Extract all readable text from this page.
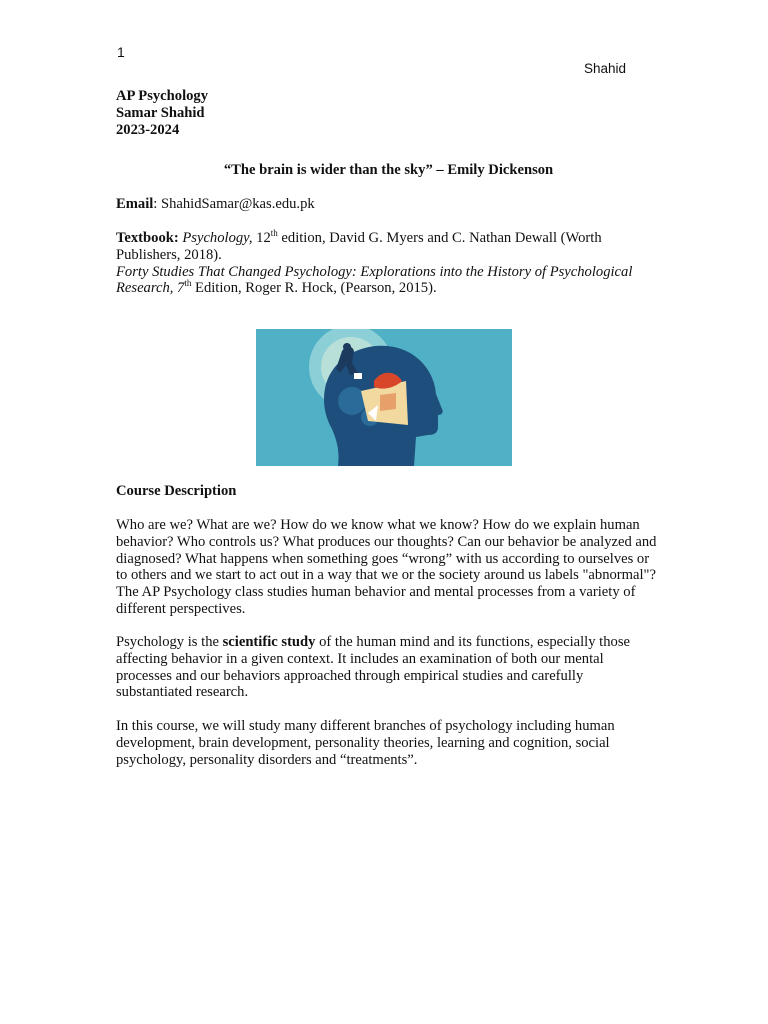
1
Shahid

AP Psychology

Samar Shahid

2023-2024

“The brain is wider than the sky” – Emily Dickenson
Email: ShahidSamar@kas.edu.pk

Textbook: Psychology, 12th edition, David G. Myers and C. Nathan Dewall (Worth Publishers, 2018).

Forty Studies That Changed Psychology: Explorations into the History of Psychological Research, 7th Edition, Roger R. Hock, (Pearson, 2015).

Course Description
Who are we? What are we? How do we know what we know? How do we explain human behavior? Who controls us? What produces our thoughts? Can our behavior be analyzed and diagnosed? What happens when something goes “wrong” with us according to ourselves or to others and we start to act out in a way that we or the society around us labels "abnormal"? The AP Psychology class studies human behavior and mental processes from a variety of different perspectives.
Psychology is the scientific study of the human mind and its functions, especially those affecting behavior in a given context. It includes an examination of both our mental processes and our behaviors approached through empirical studies and carefully substantiated research.
In this course, we will study many different branches of psychology including human development, brain development, personality theories, learning and cognition, social psychology, personality disorders and “treatments”.
